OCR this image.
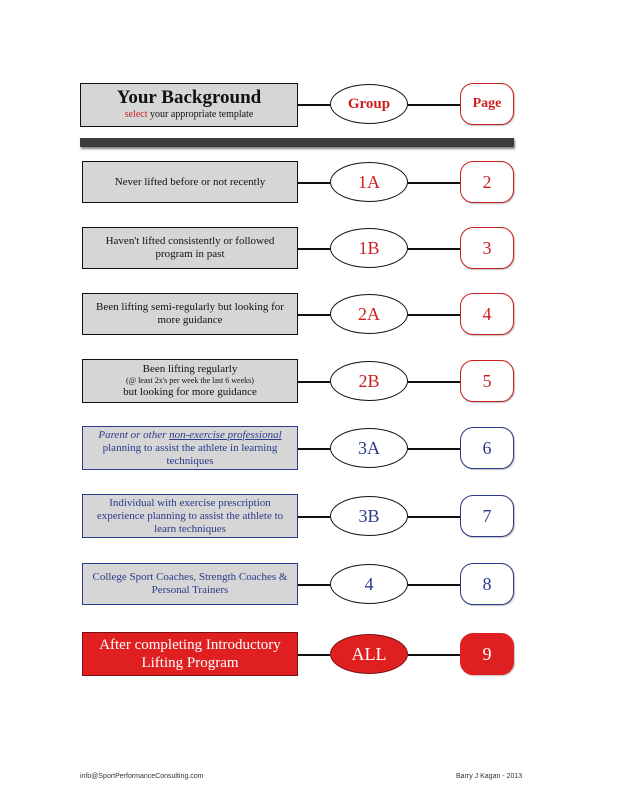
Your Background
select your appropriate template
Group	Page
Never lifted before or not recently	1A	2
Haven't lifted consistently or followed program in past	1B	3
Been lifting semi-regularly but looking for more guidance	2A	4
Been lifting regularly
(@ least 2x's per week the last 6 weeks)
but looking for more guidance
2B	5
Parent or other non-exercise professional
planning to assist the athlete in learning techniques
3A	6
Individual with exercise prescription experience planning to assist the athlete to learn techniques
3B	7
College Sport Coaches, Strength Coaches & Personal Trainers	4	8
After completing Introductory Lifting Program	ALL	9
info@SportPerformanceConsulting.com	Barry J Kagan - 2013
